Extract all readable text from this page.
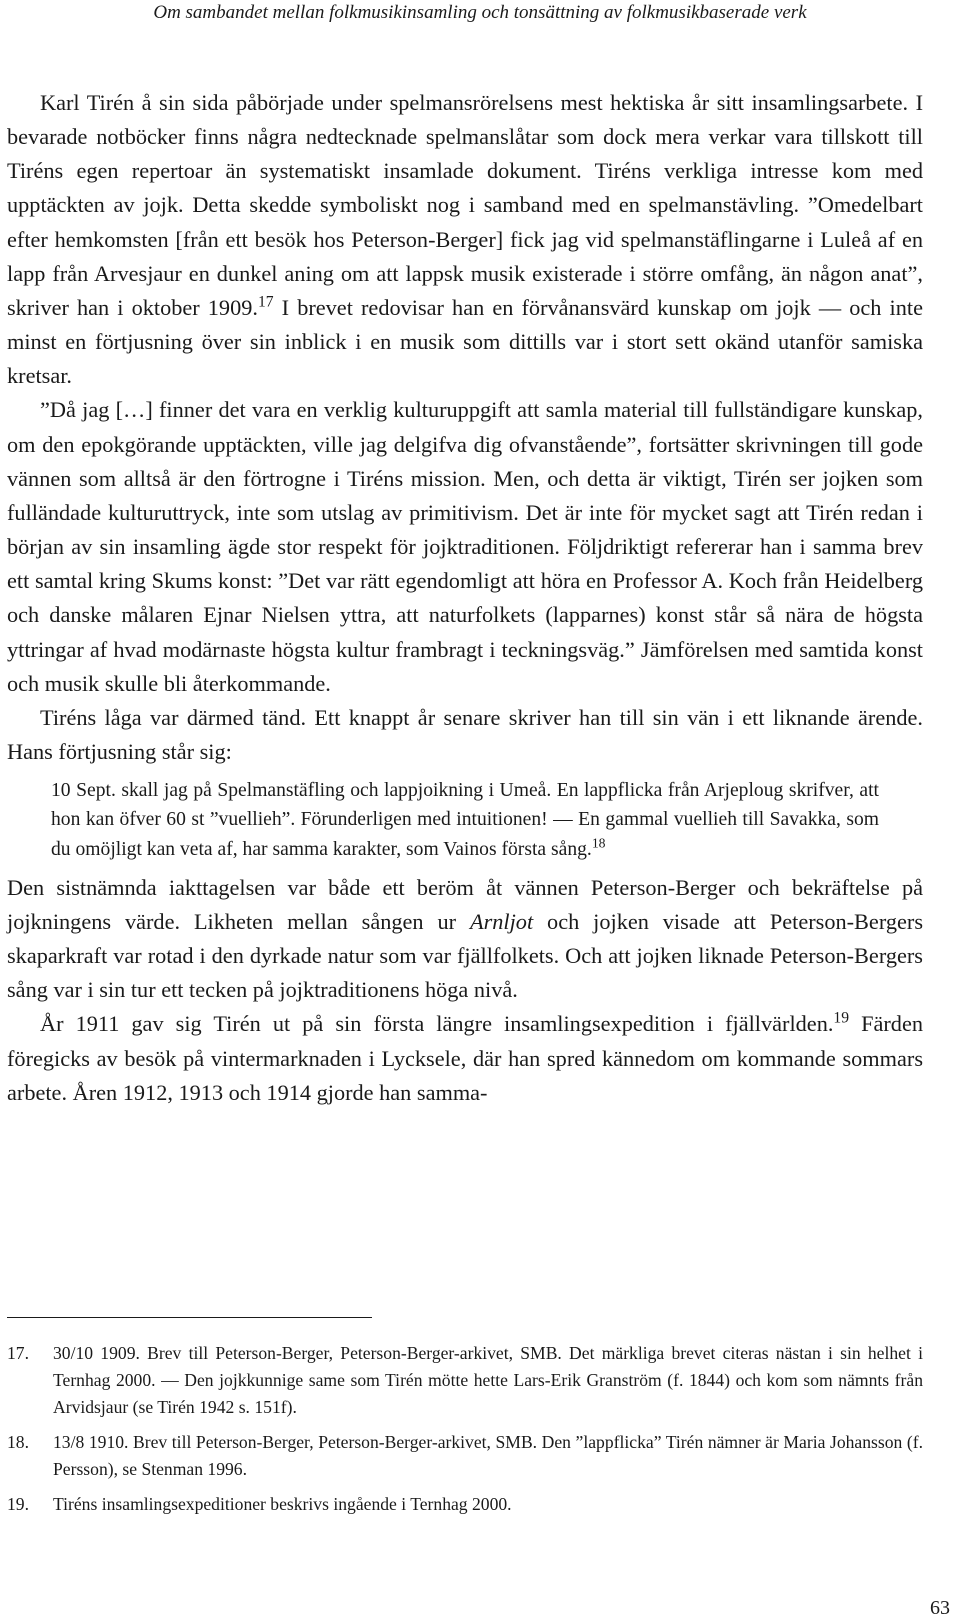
Om sambandet mellan folkmusikinsamling och tonsättning av folkmusikbaserade verk

Karl Tirén å sin sida påbörjade under spelmansrörelsens mest hektiska år sitt insamlingsarbete. I bevarade notböcker finns några nedtecknade spelmanslåtar som dock mera verkar vara tillskott till Tiréns egen repertoar än systematiskt insamlade dokument. Tiréns verkliga intresse kom med upptäckten av jojk. Detta skedde symboliskt nog i samband med en spelmanstävling. ”Omedelbart efter hemkomsten [från ett besök hos Peterson-Berger] fick jag vid spelmanstäflingarne i Luleå af en lapp från Arvesjaur en dunkel aning om att lappsk musik existerade i större omfång, än någon anat”, skriver han i oktober 1909.17 I brevet redovisar han en förvånansvärd kunskap om jojk — och inte minst en förtjusning över sin inblick i en musik som dittills var i stort sett okänd utanför samiska kretsar.

”Då jag […] finner det vara en verklig kulturuppgift att samla material till fullständigare kunskap, om den epokgörande upptäckten, ville jag delgifva dig ofvanstående”, fortsätter skrivningen till gode vännen som alltså är den förtrogne i Tiréns mission. Men, och detta är viktigt, Tirén ser jojken som fulländade kulturuttryck, inte som utslag av primitivism. Det är inte för mycket sagt att Tirén redan i början av sin insamling ägde stor respekt för jojktraditionen. Följdriktigt refererar han i samma brev ett samtal kring Skums konst: ”Det var rätt egendomligt att höra en Professor A. Koch från Heidelberg och danske målaren Ejnar Nielsen yttra, att naturfolkets (lapparnes) konst står så nära de högsta yttringar af hvad modärnaste högsta kultur frambragt i teckningsväg.” Jämförelsen med samtida konst och musik skulle bli återkommande.

Tiréns låga var därmed tänd. Ett knappt år senare skriver han till sin vän i ett liknande ärende. Hans förtjusning står sig:

10 Sept. skall jag på Spelmanstäfling och lappjoikning i Umeå. En lappflicka från Arjeploug skrifver, att hon kan öfver 60 st ”vuellieh”. Förunderligen med intuitionen! — En gammal vuellieh till Savakka, som du omöjligt kan veta af, har samma karakter, som Vainos första sång.$^{18}$

Den sistnämnda iakttagelsen var både ett beröm åt vännen Peterson-Berger och bekräftelse på jojkningens värde. Likheten mellan sången ur Arnljot och jojken visade att Peterson-Bergers skaparkraft var rotad i den dyrkade natur som var fjällfolkets. Och att jojken liknade Peterson-Bergers sång var i sin tur ett tecken på jojktraditionens höga nivå.

År 1911 gav sig Tirén ut på sin första längre insamlingsexpedition i fjällvärlden.$^{19}$ Färden föregicks av besök på vintermarknaden i Lycksele, där han spred kännedom om kommande sommars arbete. Åren 1912, 1913 och 1914 gjorde han samma-

17.	30/10 1909. Brev till Peterson-Berger, Peterson-Berger-arkivet, SMB. Det märkliga brevet citeras nästan i sin helhet i Ternhag 2000. — Den jojkkunnige same som Tirén mötte hette Lars-Erik Granström (f. 1844) och kom som nämnts från Arvidsjaur (se Tirén 1942 s. 151f).
18.	13/8 1910. Brev till Peterson-Berger, Peterson-Berger-arkivet, SMB. Den ”lappflicka” Tirén nämner är Maria Johansson (f. Persson), se Stenman 1996.
19.	Tiréns insamlingsexpeditioner beskrivs ingående i Ternhag 2000.
63
